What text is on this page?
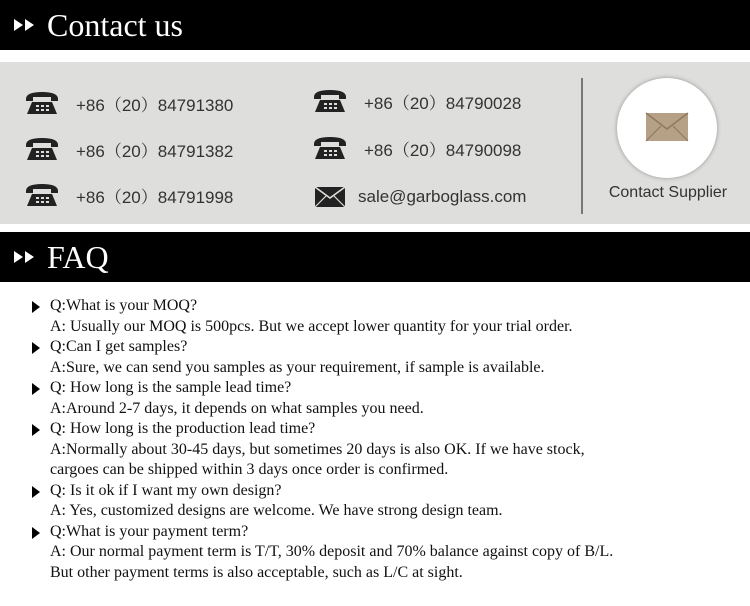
Contact us
+86（20）84791380
+86（20）84791382
+86（20）84791998
+86（20）84790028
+86（20）84790098
sale@garboglass.com	Contact Supplier
FAQ
Q:What is your MOQ?
A: Usually our MOQ is 500pcs. But we accept lower quantity for your trial order.
Q:Can I get samples?
A:Sure, we can send you samples as your requirement, if sample is available.
Q: How long is the sample lead time?
A:Around 2-7 days, it depends on what samples you need.
Q: How long is the production lead time?
A:Normally about 30-45 days, but sometimes 20 days is also OK. If we have stock,
cargoes can be shipped within 3 days once order is confirmed.
Q: Is it ok if I want my own design?
A: Yes, customized designs are welcome. We have strong design team.
Q:What is your payment term?
A: Our normal payment term is T/T, 30% deposit and 70% balance against copy of B/L.
But other payment terms is also acceptable, such as L/C at sight.
